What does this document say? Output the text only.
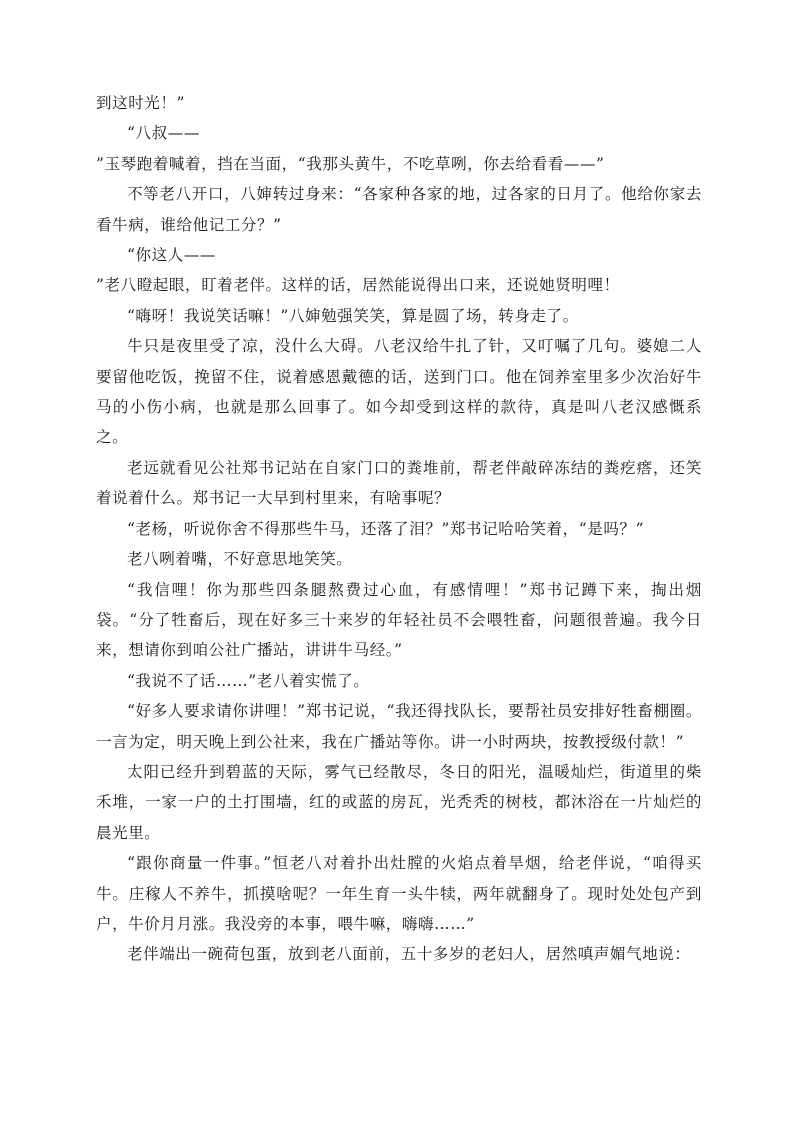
到这时光！”

“八叔——

”玉琴跑着喊着，挡在当面，“我那头黄牛，不吃草咧，你去给看看——”

不等老八开口，八婶转过身来：“各家种各家的地，过各家的日月了。他给你家去看牛病，谁给他记工分？”

“你这人——

”老八瞪起眼，盯着老伴。这样的话，居然能说得出口来，还说她贤明哩！

“嗨呀！我说笑话嘛！”八婶勉强笑笑，算是圆了场，转身走了。

牛只是夜里受了凉，没什么大碍。八老汉给牛扎了针，又叮嘱了几句。婆媳二人要留他吃饭，挽留不住，说着感恩戴德的话，送到门口。他在饲养室里多少次治好牛马的小伤小病，也就是那么回事了。如今却受到这样的款待，真是叫八老汉感慨系之。

老远就看见公社郑书记站在自家门口的粪堆前，帮老伴敲碎冻结的粪疙瘩，还笑着说着什么。郑书记一大早到村里来，有啥事呢？

“老杨，听说你舍不得那些牛马，还落了泪？”郑书记哈哈笑着，“是吗？”

老八咧着嘴，不好意思地笑笑。

“我信哩！你为那些四条腿熬费过心血，有感情哩！”郑书记蹲下来，掏出烟袋。“分了牲畜后，现在好多三十来岁的年轻社员不会喂牲畜，问题很普遍。我今日来，想请你到咱公社广播站，讲讲牛马经。”

“我说不了话……”老八着实慌了。

“好多人要求请你讲哩！”郑书记说，“我还得找队长，要帮社员安排好牲畜棚圈。一言为定，明天晚上到公社来，我在广播站等你。讲一小时两块，按教授级付款！”

太阳已经升到碧蓝的天际，雾气已经散尽，冬日的阳光，温暖灿烂，街道里的柴禾堆，一家一户的土打围墙，红的或蓝的房瓦，光秃秃的树枝，都沐浴在一片灿烂的晨光里。

“跟你商量一件事。”恒老八对着扑出灶膛的火焰点着旱烟，给老伴说，“咱得买牛。庄稼人不养牛，抓摸啥呢？一年生育一头牛犊，两年就翻身了。现时处处包产到户，牛价月月涨。我没旁的本事，喂牛嘛，嗨嗨……”

老伴端出一碗荷包蛋，放到老八面前，五十多岁的老妇人，居然嗔声媚气地说：
